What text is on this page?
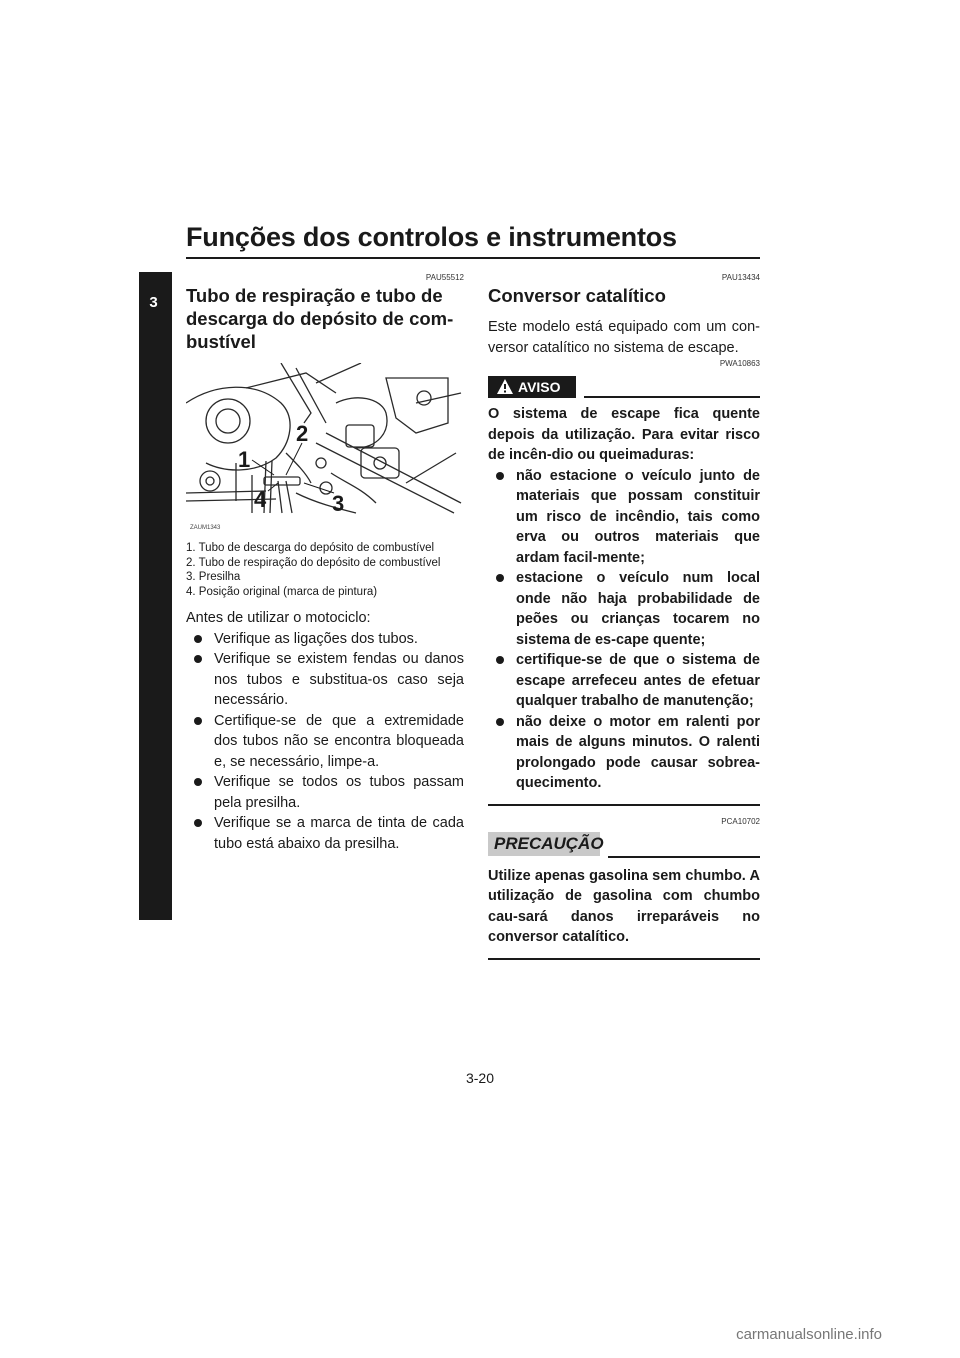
Funções dos controlos e instrumentos
3

PAU55512

Tubo de respiração e tubo de descarga do depósito de com-bustível
1
2
3
4
ZAUM1343
1. Tubo de descarga do depósito de combustível
2. Tubo de respiração do depósito de combustível
3. Presilha
4. Posição original (marca de pintura)

Antes de utilizar o motociclo:

Verifique as ligações dos tubos.
Verifique se existem fendas ou danos nos tubos e substitua-os caso seja necessário.
Certifique-se de que a extremidade dos tubos não se encontra bloqueada e, se necessário, limpe-a.
Verifique se todos os tubos passam pela presilha.
Verifique se a marca de tinta de cada tubo está abaixo da presilha.

PAU13434

Conversor catalítico

Este modelo está equipado com um con-versor catalítico no sistema de escape.

PWA10863

AVISO

O sistema de escape fica quente depois da utilização. Para evitar risco de incên-dio ou queimaduras:

não estacione o veículo junto de materiais que possam constituir um risco de incêndio, tais como erva ou outros materiais que ardam facil-mente;
estacione o veículo num local onde não haja probabilidade de peões ou crianças tocarem no sistema de es-cape quente;
certifique-se de que o sistema de escape arrefeceu antes de efetuar qualquer trabalho de manutenção;
não deixe o motor em ralenti por mais de alguns minutos. O ralenti prolongado pode causar sobrea-quecimento.

PCA10702

PRECAUÇÃO

Utilize apenas gasolina sem chumbo. A utilização de gasolina com chumbo cau-sará danos irreparáveis no conversor catalítico.

3-20
carmanualsonline.info
